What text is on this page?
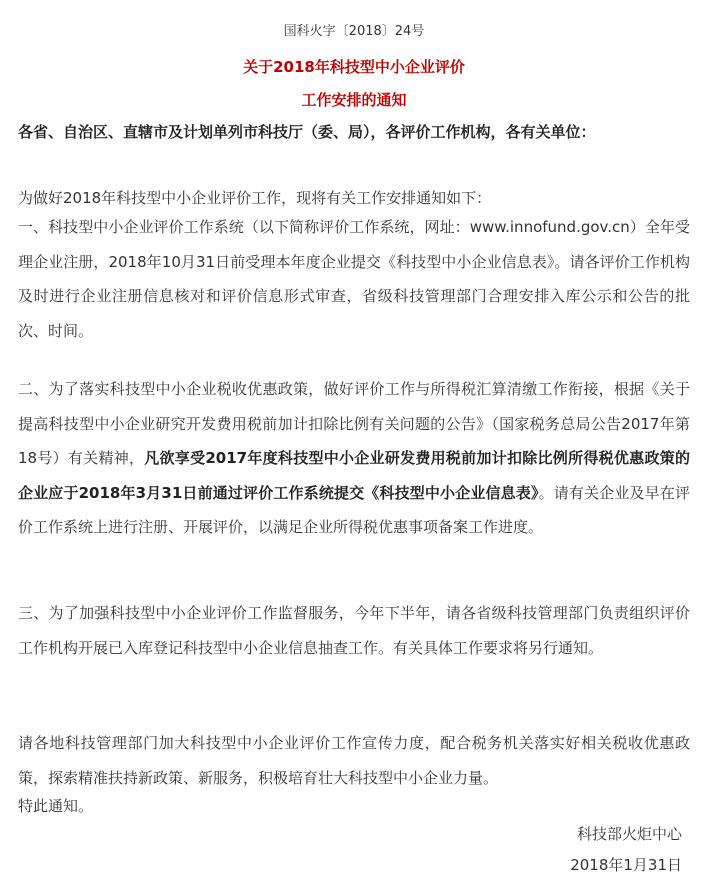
国科火字〔2018〕24号
关于2018年科技型中小企业评价
工作安排的通知
各省、自治区、直辖市及计划单列市科技厅（委、局），各评价工作机构，各有关单位：
为做好2018年科技型中小企业评价工作，现将有关工作安排通知如下：
一、科技型中小企业评价工作系统（以下简称评价工作系统，网址：www.innofund.gov.cn）全年受理企业注册，2018年10月31日前受理本年度企业提交《科技型中小企业信息表》。请各评价工作机构及时进行企业注册信息核对和评价信息形式审查，省级科技管理部门合理安排入库公示和公告的批次、时间。
二、为了落实科技型中小企业税收优惠政策，做好评价工作与所得税汇算清缴工作衔接，根据《关于提高科技型中小企业研究开发费用税前加计扣除比例有关问题的公告》（国家税务总局公告2017年第18号）有关精神，凡欲享受2017年度科技型中小企业研发费用税前加计扣除比例所得税优惠政策的企业应于2018年3月31日前通过评价工作系统提交《科技型中小企业信息表》。请有关企业及早在评价工作系统上进行注册、开展评价，以满足企业所得税优惠事项备案工作进度。
三、为了加强科技型中小企业评价工作监督服务，今年下半年，请各省级科技管理部门负责组织评价工作机构开展已入库登记科技型中小企业信息抽查工作。有关具体工作要求将另行通知。
请各地科技管理部门加大科技型中小企业评价工作宣传力度，配合税务机关落实好相关税收优惠政策，探索精准扶持新政策、新服务，积极培育壮大科技型中小企业力量。
特此通知。
科技部火炬中心
2018年1月31日
